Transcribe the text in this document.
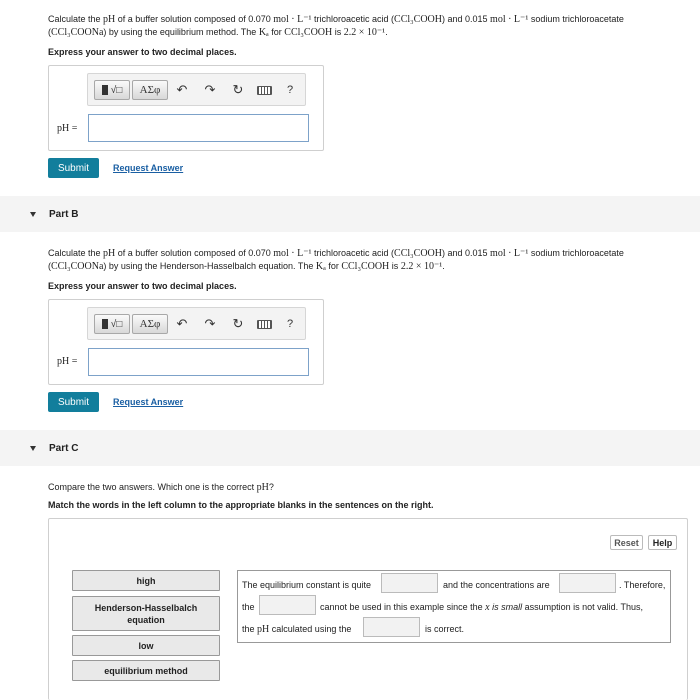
Calculate the pH of a buffer solution composed of 0.070 mol · L⁻¹ trichloroacetic acid (CCl₃COOH) and 0.015 mol · L⁻¹ sodium trichloroacetate
(CCl₃COONa) by using the equilibrium method. The Kₐ for CCl₃COOH is 2.2 × 10⁻¹.
Express your answer to two decimal places.
√□	ΑΣφ	↶ ↷ ↻	?
pH =
Submit	Request Answer
Part B
Calculate the pH of a buffer solution composed of 0.070 mol · L⁻¹ trichloroacetic acid (CCl₃COOH) and 0.015 mol · L⁻¹ sodium trichloroacetate
(CCl₃COONa) by using the Henderson-Hasselbalch equation. The Kₐ for CCl₃COOH is 2.2 × 10⁻¹.
Express your answer to two decimal places.
√□	ΑΣφ	↶ ↷ ↻	?
pH =
Submit	Request Answer
Part C
Compare the two answers. Which one is the correct pH?
Match the words in the left column to the appropriate blanks in the sentences on the right.
Reset	Help
high
Henderson-Hasselbalch equation
low
equilibrium method
The equilibrium constant is quite	and the concentrations are	. Therefore,
the	cannot be used in this example since the x is small assumption is not valid. Thus,
the pH calculated using the	is correct.
